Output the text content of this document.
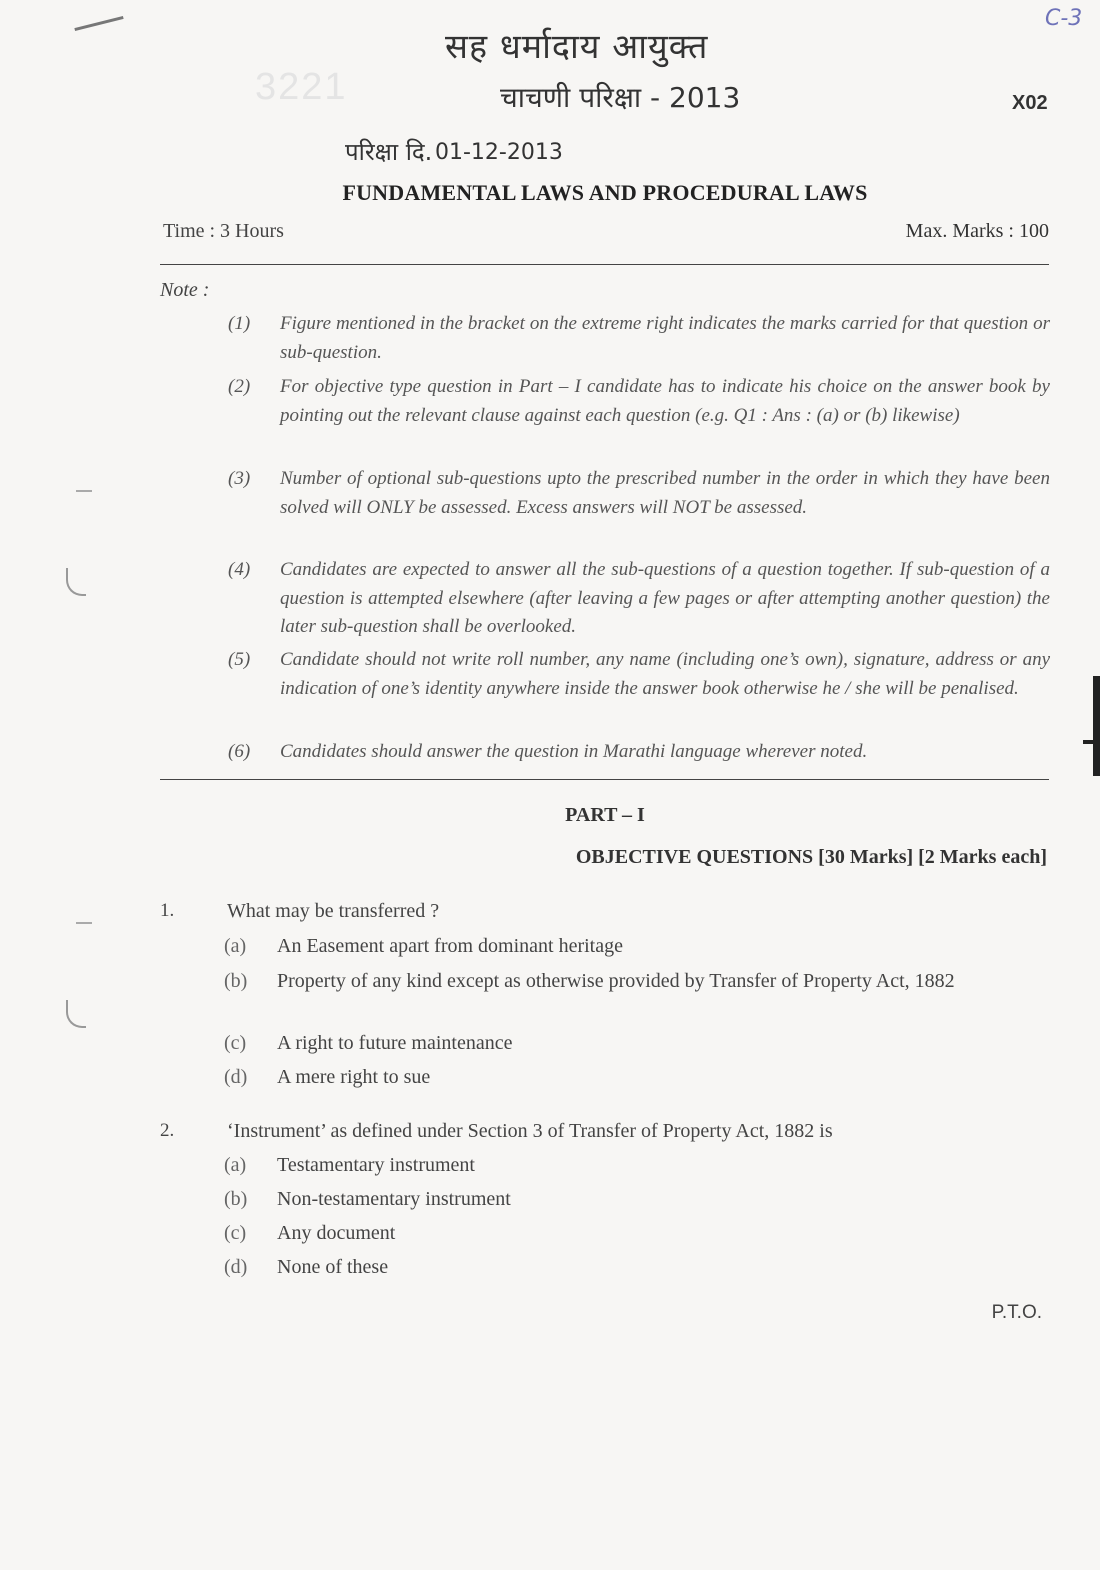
सह धर्मादाय आयुक्त
चाचणी परिक्षा - 2013
परिक्षा दि. 01-12-2013
C-3
3221	X02
FUNDAMENTAL LAWS AND PROCEDURAL LAWS
Time : 3 Hours	Max. Marks : 100
Note :
(1)	Figure mentioned in the bracket on the extreme right indicates the marks carried for that question or sub-question.
(2)	For objective type question in Part – I candidate has to indicate his choice on the answer book by pointing out the relevant clause against each question (e.g. Q1 : Ans : (a) or (b) likewise)
(3)	Number of optional sub-questions upto the prescribed number in the order in which they have been solved will ONLY be assessed. Excess answers will NOT be assessed.
(4)	Candidates are expected to answer all the sub-questions of a question together. If sub-question of a question is attempted elsewhere (after leaving a few pages or after attempting another question) the later sub-question shall be overlooked.
(5)	Candidate should not write roll number, any name (including one’s own), signature, address or any indication of one’s identity anywhere inside the answer book otherwise he / she will be penalised.
(6)	Candidates should answer the question in Marathi language wherever noted.
PART – I
OBJECTIVE QUESTIONS [30 Marks] [2 Marks each]
1.	What may be transferred ?
(a) An Easement apart from dominant heritage
(b) Property of any kind except as otherwise provided by Transfer of Property Act, 1882
(c) A right to future maintenance
(d) A mere right to sue
2.	‘Instrument’ as defined under Section 3 of Transfer of Property Act, 1882 is
(a) Testamentary instrument
(b) Non-testamentary instrument
(c) Any document
(d) None of these
P.T.O.
